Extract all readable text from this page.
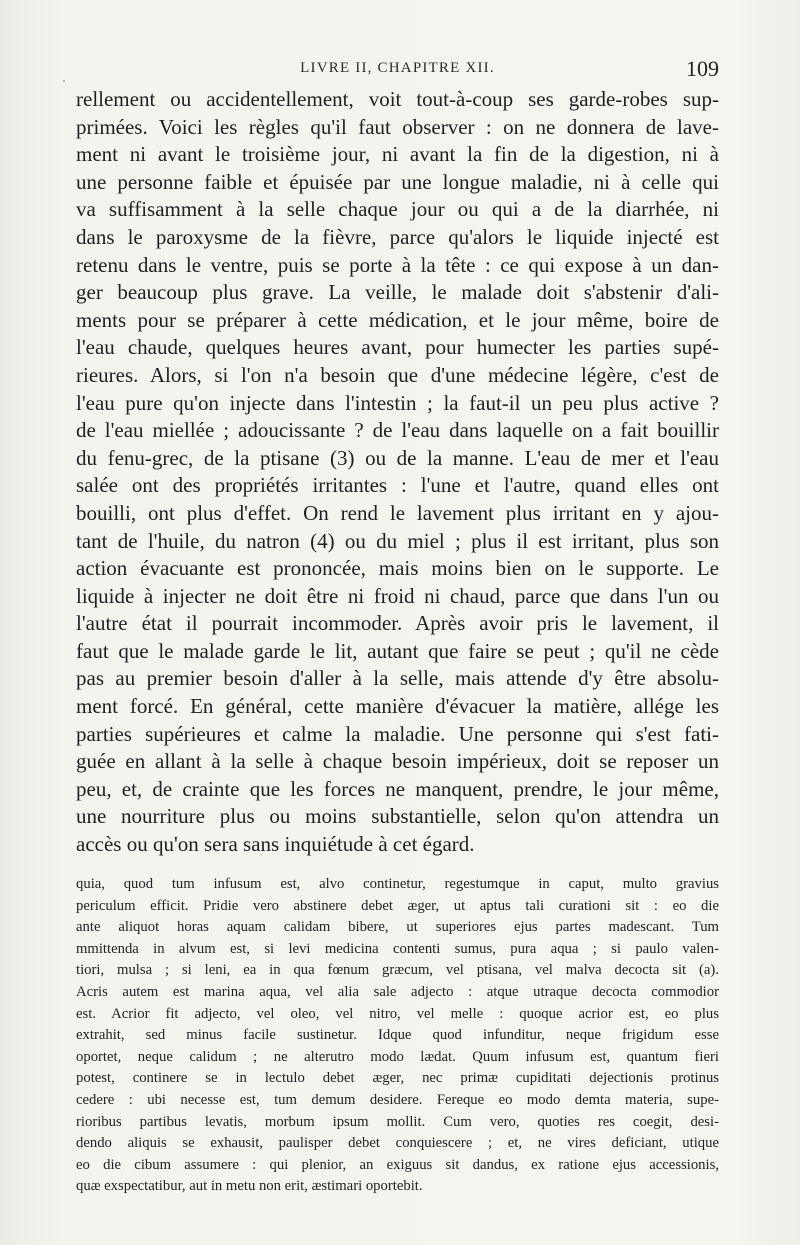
LIVRE II, CHAPITRE XII.	109
rellement ou accidentellement, voit tout-à-coup ses garde-robes sup-
primées. Voici les règles qu'il faut observer : on ne donnera de lave-
ment ni avant le troisième jour, ni avant la fin de la digestion, ni à
une personne faible et épuisée par une longue maladie, ni à celle qui
va suffisamment à la selle chaque jour ou qui a de la diarrhée, ni
dans le paroxysme de la fièvre, parce qu'alors le liquide injecté est
retenu dans le ventre, puis se porte à la tête : ce qui expose à un dan-
ger beaucoup plus grave. La veille, le malade doit s'abstenir d'ali-
ments pour se préparer à cette médication, et le jour même, boire de
l'eau chaude, quelques heures avant, pour humecter les parties supé-
rieures. Alors, si l'on n'a besoin que d'une médecine légère, c'est de
l'eau pure qu'on injecte dans l'intestin ; la faut-il un peu plus active ?
de l'eau miellée ; adoucissante ? de l'eau dans laquelle on a fait bouillir
du fenu-grec, de la ptisane (3) ou de la manne. L'eau de mer et l'eau
salée ont des propriétés irritantes : l'une et l'autre, quand elles ont
bouilli, ont plus d'effet. On rend le lavement plus irritant en y ajou-
tant de l'huile, du natron (4) ou du miel ; plus il est irritant, plus son
action évacuante est prononcée, mais moins bien on le supporte. Le
liquide à injecter ne doit être ni froid ni chaud, parce que dans l'un ou
l'autre état il pourrait incommoder. Après avoir pris le lavement, il
faut que le malade garde le lit, autant que faire se peut ; qu'il ne cède
pas au premier besoin d'aller à la selle, mais attende d'y être absolu-
ment forcé. En général, cette manière d'évacuer la matière, allége les
parties supérieures et calme la maladie. Une personne qui s'est fati-
guée en allant à la selle à chaque besoin impérieux, doit se reposer un
peu, et, de crainte que les forces ne manquent, prendre, le jour même,
une nourriture plus ou moins substantielle, selon qu'on attendra un
accès ou qu'on sera sans inquiétude à cet égard.
quia, quod tum infusum est, alvo continetur, regestumque in caput, multo gravius
periculum efficit. Pridie vero abstinere debet æger, ut aptus tali curationi sit : eo die
ante aliquot horas aquam calidam bibere, ut superiores ejus partes madescant. Tum
mmittenda in alvum est, si levi medicina contenti sumus, pura aqua ; si paulo valen-
tiori, mulsa ; si leni, ea in qua fœnum græcum, vel ptisana, vel malva decocta sit (a).
Acris autem est marina aqua, vel alia sale adjecto : atque utraque decocta commodior
est. Acrior fit adjecto, vel oleo, vel nitro, vel melle : quoque acrior est, eo plus
extrahit, sed minus facile sustinetur. Idque quod infunditur, neque frigidum esse
oportet, neque calidum ; ne alterutro modo lædat. Quum infusum est, quantum fieri
potest, continere se in lectulo debet æger, nec primæ cupiditati dejectionis protinus
cedere : ubi necesse est, tum demum desidere. Fereque eo modo demta materia, supe-
rioribus partibus levatis, morbum ipsum mollit. Cum vero, quoties res coegit, desi-
dendo aliquis se exhausit, paulisper debet conquiescere ; et, ne vires deficiant, utique
eo die cibum assumere : qui plenior, an exiguus sit dandus, ex ratione ejus accessionis,
quæ exspectatibur, aut in metu non erit, æstimari oportebit.
